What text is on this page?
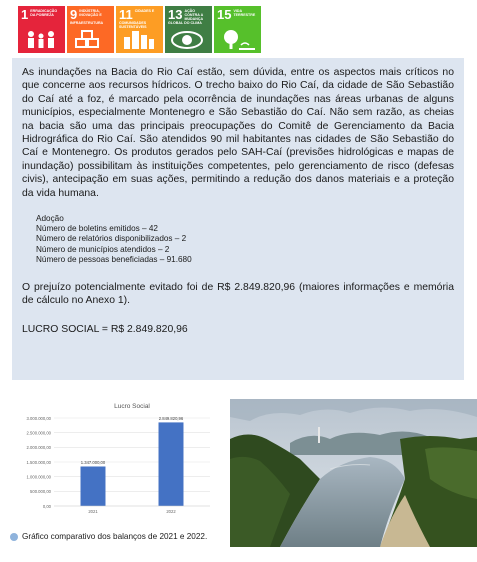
1 ERRADICAÇÃO DA POBREZA	9 INDÚSTRIA, INOVAÇÃO E INFRAESTRUTURA
11 CIDADES E COMUNIDADES SUSTENTÁVEIS
13 AÇÃO CONTRA A MUDANÇA GLOBAL DO CLIMA
15 VIDA TERRESTRE

As inundações na Bacia do Rio Caí estão, sem dúvida, entre os aspectos mais críticos no que concerne aos recursos hídricos. O trecho baixo do Rio Caí, da cidade de São Sebastião do Caí até a foz, é marcado pela ocorrência de inundações nas áreas urbanas de alguns municípios, especialmente Montenegro e São Sebastião do Caí. Não sem razão, as cheias na bacia são uma das principais preocupações do Comitê de Gerenciamento da Bacia Hidrográfica do Rio Caí. São atendidos 90 mil habitantes nas cidades de São Sebastião do Caí e Montenegro. Os produtos gerados pelo SAH-Caí (previsões hidrológicas e mapas de inundação) possibilitam às instituições competentes, pelo gerenciamento de risco (defesas civis), antecipação em suas ações, permitindo a redução dos danos materiais e a proteção da vida humana.

Adoção
Número de boletins emitidos – 42
Número de relatórios disponibilizados – 2
Número de municípios atendidos – 2
Número de pessoas beneficiadas – 91.680

O prejuízo potencialmente evitado foi de R$ 2.849.820,96 (maiores informações e memória de cálculo no Anexo 1).

LUCRO SOCIAL = R$ 2.849.820,96
Lucro Social
0,00
500.000,00
1.000.000,00
1.500.000,00
2.000.000,00
2.500.000,00
3.000.000,00
1.347.000,00
2021
2.849.820,96
2022
Gráfico comparativo dos balanços de 2021 e 2022.
